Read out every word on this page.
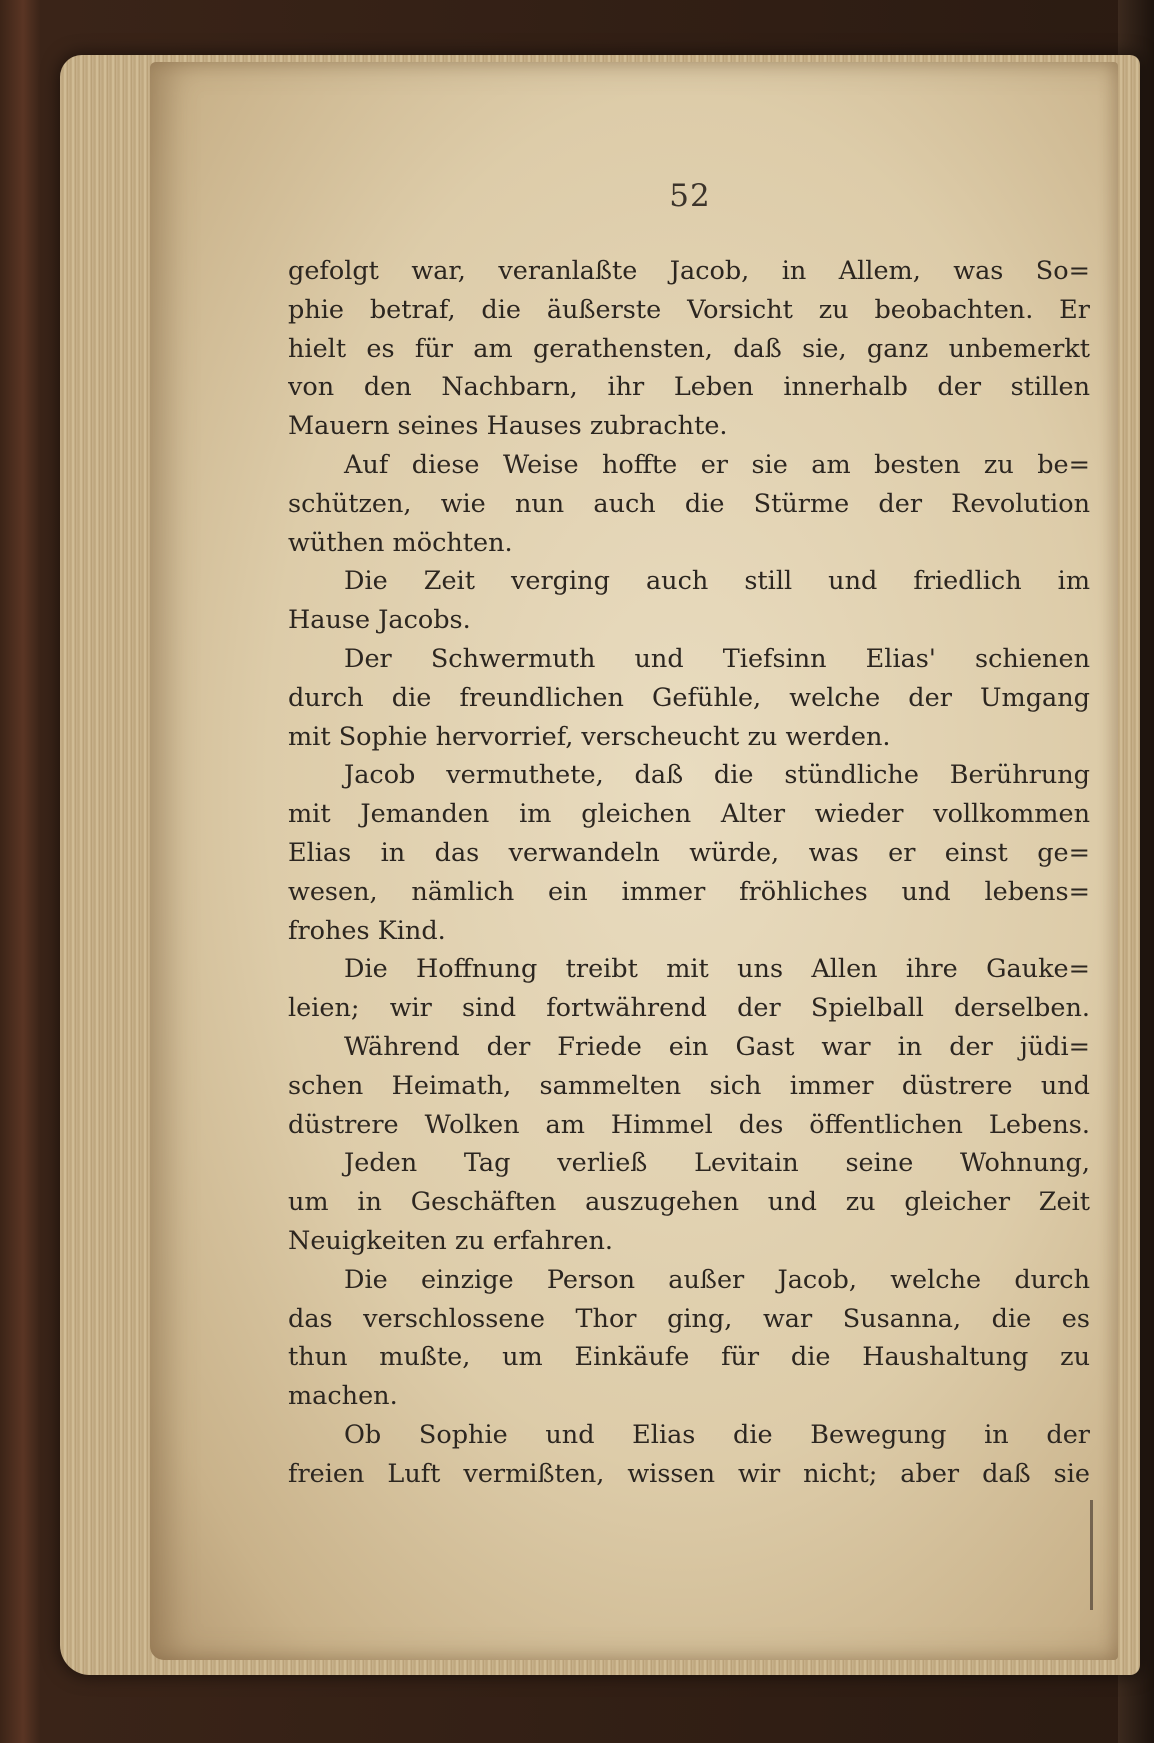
52
gefolgt war, veranlaßte Jacob, in Allem, was So=
phie betraf, die äußerste Vorsicht zu beobachten. Er
hielt es für am gerathensten, daß sie, ganz unbemerkt
von den Nachbarn, ihr Leben innerhalb der stillen
Mauern seines Hauses zubrachte.
Auf diese Weise hoffte er sie am besten zu be=
schützen, wie nun auch die Stürme der Revolution
wüthen möchten.
Die Zeit verging auch still und friedlich im
Hause Jacobs.
Der Schwermuth und Tiefsinn Elias' schienen
durch die freundlichen Gefühle, welche der Umgang
mit Sophie hervorrief, verscheucht zu werden.
Jacob vermuthete, daß die stündliche Berührung
mit Jemanden im gleichen Alter wieder vollkommen
Elias in das verwandeln würde, was er einst ge=
wesen, nämlich ein immer fröhliches und lebens=
frohes Kind.
Die Hoffnung treibt mit uns Allen ihre Gauke=
leien; wir sind fortwährend der Spielball derselben.
Während der Friede ein Gast war in der jüdi=
schen Heimath, sammelten sich immer düstrere und
düstrere Wolken am Himmel des öffentlichen Lebens.
Jeden Tag verließ Levitain seine Wohnung,
um in Geschäften auszugehen und zu gleicher Zeit
Neuigkeiten zu erfahren.
Die einzige Person außer Jacob, welche durch
das verschlossene Thor ging, war Susanna, die es
thun mußte, um Einkäufe für die Haushaltung zu
machen.
Ob Sophie und Elias die Bewegung in der
freien Luft vermißten, wissen wir nicht; aber daß sie
